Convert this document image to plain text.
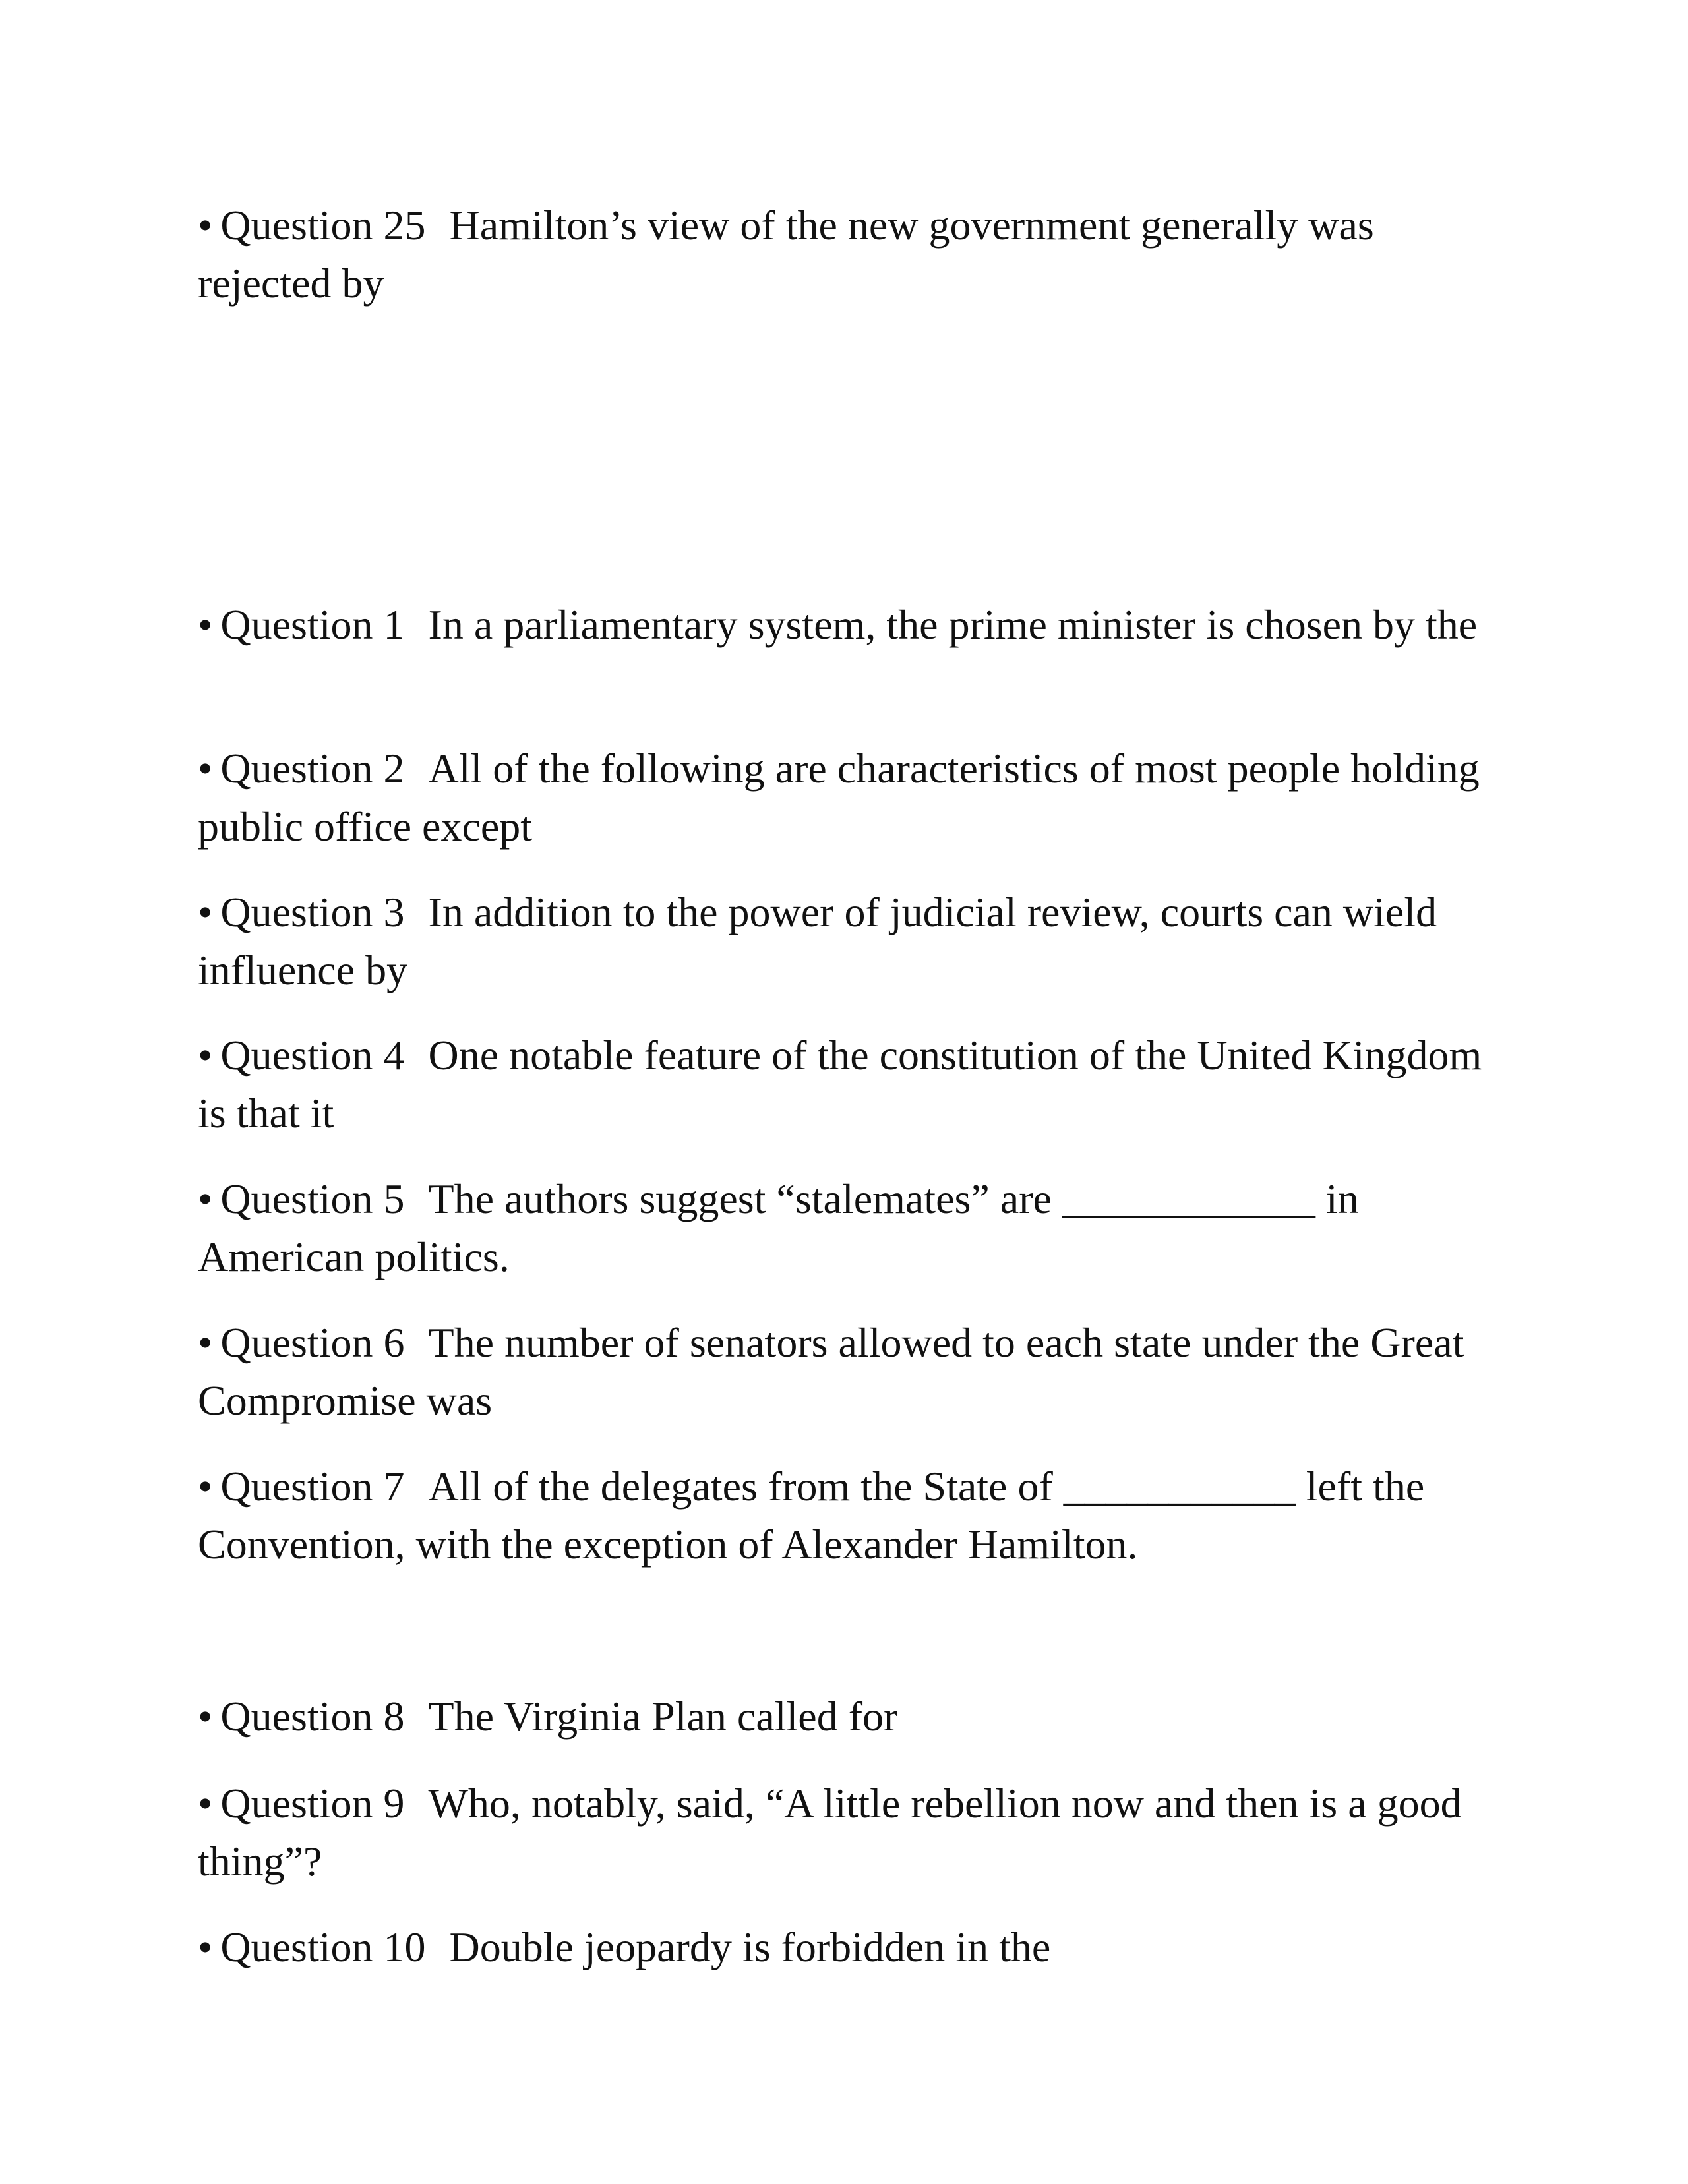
• Question 25 Hamilton’s view of the new government generally was rejected by

• Question 1 In a parliamentary system, the prime minister is chosen by the

• Question 2 All of the following are characteristics of most people holding public office except

• Question 3 In addition to the power of judicial review, courts can wield influence by

• Question 4 One notable feature of the constitution of the United Kingdom is that it

• Question 5 The authors suggest “stalemates” are ____________ in American politics.

• Question 6 The number of senators allowed to each state under the Great Compromise was

• Question 7 All of the delegates from the State of ___________ left the Convention, with the exception of Alexander Hamilton.

• Question 8 The Virginia Plan called for

• Question 9 Who, notably, said, “A little rebellion now and then is a good thing”?

• Question 10 Double jeopardy is forbidden in the
